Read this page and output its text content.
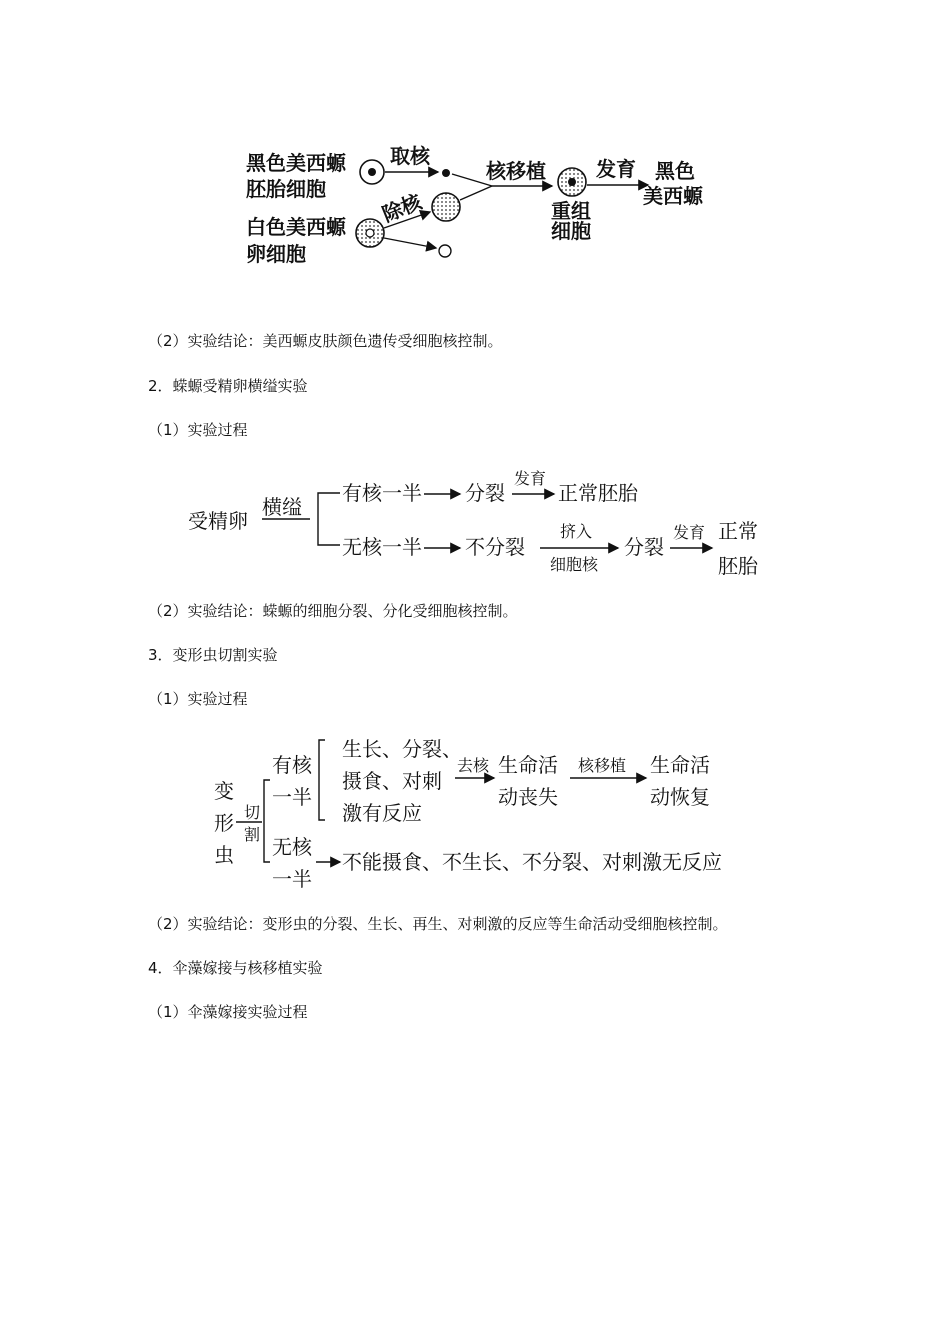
黑色美西螈
胚胎细胞
白色美西螈
卵细胞
取核
除核
核移植
重组
细胞
发育 黑色
美西螈
（2）实验结论：美西螈皮肤颜色遗传受细胞核控制。
2．蝾螈受精卵横缢实验
（1）实验过程
受精卵
横缢
有核一半 分裂
发育
正常胚胎
无核一半 不分裂
挤入
细胞核
分裂
发育 正常
胚胎
（2）实验结论：蝾螈的细胞分裂、分化受细胞核控制。
3．变形虫切割实验
（1）实验过程
变
形
虫
切
割
有核
一半
生长、分裂、
摄食、对刺
激有反应
去核 生命活
动丧失
核移植 生命活
动恢复
无核
一半
不能摄食、不生长、不分裂、对刺激无反应
（2）实验结论：变形虫的分裂、生长、再生、对刺激的反应等生命活动受细胞核控制。
4．伞藻嫁接与核移植实验
（1）伞藻嫁接实验过程
